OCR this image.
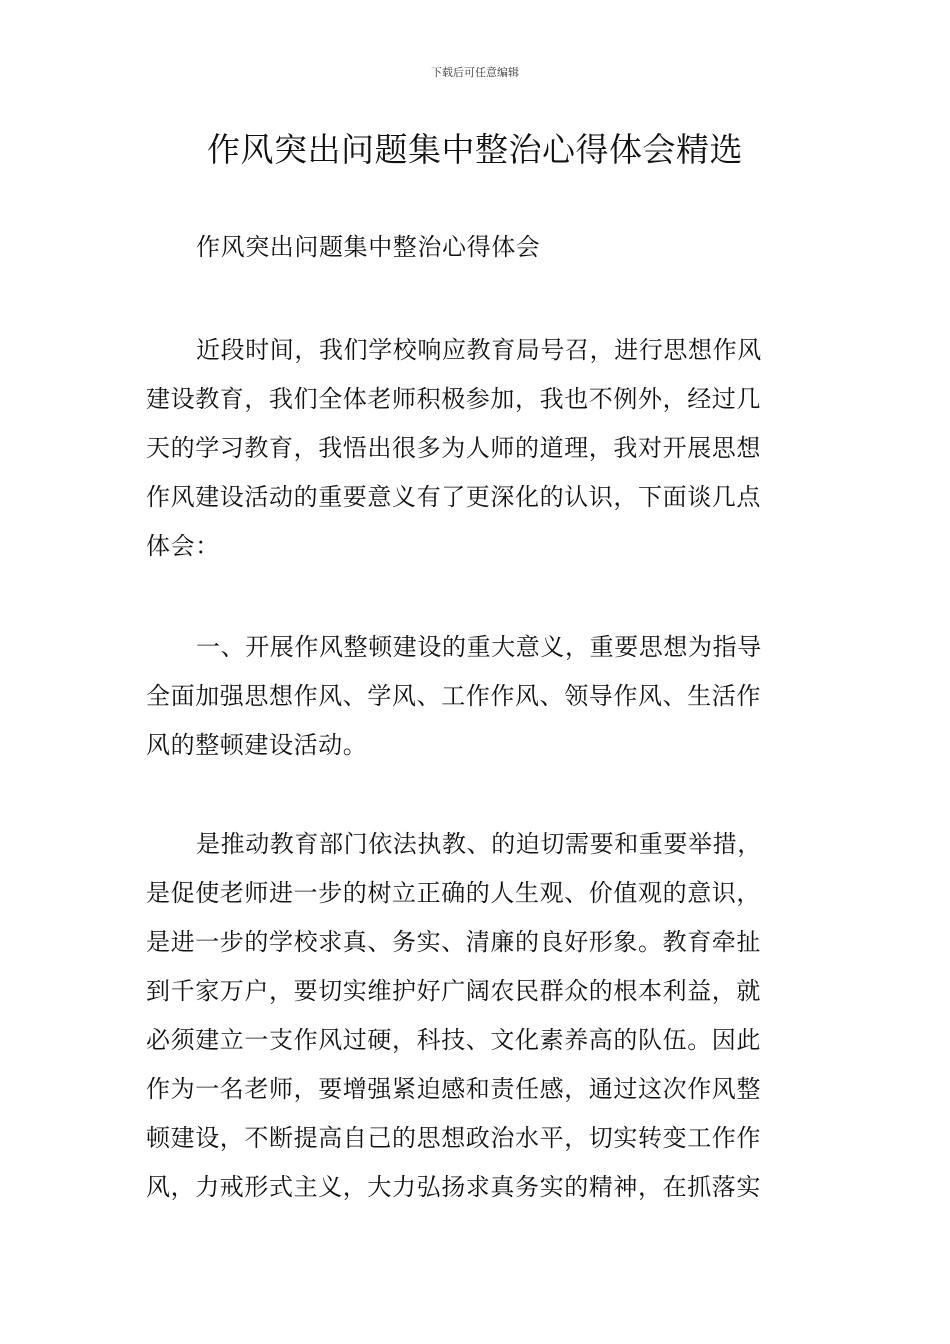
下载后可任意编辑
作风突出问题集中整治心得体会精选

作风突出问题集中整治心得体会

近段时间，我们学校响应教育局号召，进行思想作风
建设教育，我们全体老师积极参加，我也不例外，经过几
天的学习教育，我悟出很多为人师的道理，我对开展思想
作风建设活动的重要意义有了更深化的认识，下面谈几点
体会：
一、开展作风整顿建设的重大意义，重要思想为指导
全面加强思想作风、学风、工作作风、领导作风、生活作
风的整顿建设活动。
是推动教育部门依法执教、的迫切需要和重要举措，
是促使老师进一步的树立正确的人生观、价值观的意识，
是进一步的学校求真、务实、清廉的良好形象。教育牵扯
到千家万户，要切实维护好广阔农民群众的根本利益，就
必须建立一支作风过硬，科技、文化素养高的队伍。因此
作为一名老师，要增强紧迫感和责任感，通过这次作风整
顿建设，不断提高自己的思想政治水平，切实转变工作作
风，力戒形式主义，大力弘扬求真务实的精神，在抓落实
